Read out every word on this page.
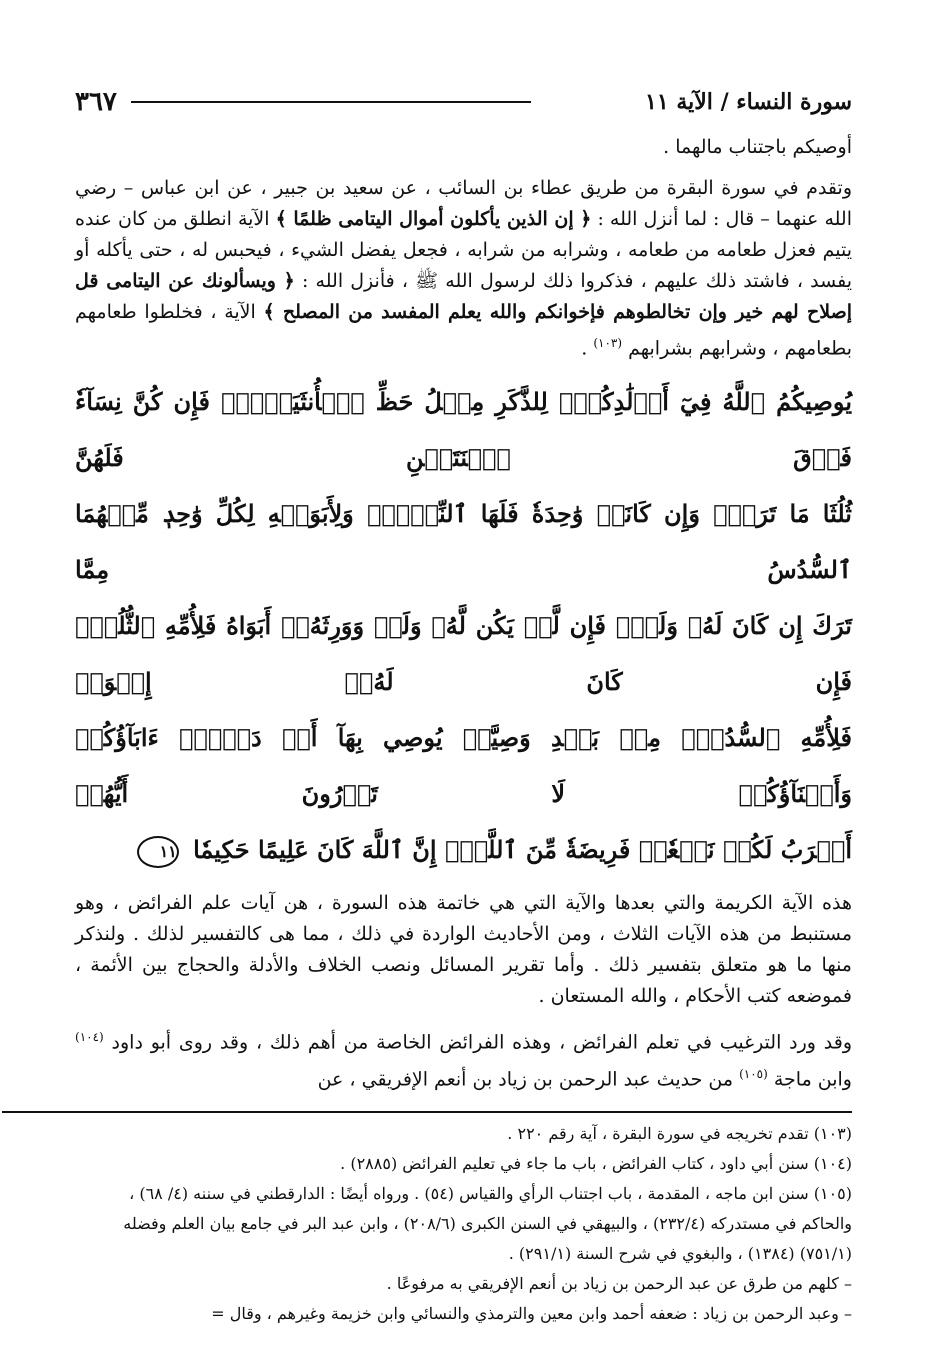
سورة النساء / الآية ١١
٣٦٧

أوصيكم باجتناب مالهما .

وتقدم في سورة البقرة من طريق عطاء بن السائب ، عن سعيد بن جبير ، عن ابن عباس – رضي الله عنهما – قال : لما أنزل الله : ﴿ إن الذين يأكلون أموال اليتامى ظلمًا ﴾ الآية انطلق من كان عنده يتيم فعزل طعامه من طعامه ، وشرابه من شرابه ، فجعل يفضل الشيء ، فيحبس له ، حتى يأكله أو يفسد ، فاشتد ذلك عليهم ، فذكروا ذلك لرسول الله ﷺ ، فأنزل الله : ﴿ ويسألونك عن اليتامى قل إصلاح لهم خير وإن تخالطوهم فإخوانكم والله يعلم المفسد من المصلح ﴾ الآية ، فخلطوا طعامهم بطعامهم ، وشرابهم بشرابهم $^{(١٠٣)}$ .

يُوصِيكُمُ ٱللَّهُ فِيٓ أَوۡلَٰدِكُمۡۖ لِلذَّكَرِ مِثۡلُ حَظِّ ٱلۡأُنثَيَيۡنِۚ فَإِن كُنَّ نِسَآءٗ فَوۡقَ ٱثۡنَتَيۡنِ فَلَهُنَّ
ثُلُثَا مَا تَرَكَۖ وَإِن كَانَتۡ وَٰحِدَةٗ فَلَهَا ٱلنِّصۡفُۚ وَلِأَبَوَيۡهِ لِكُلِّ وَٰحِدٖ مِّنۡهُمَا ٱلسُّدُسُ مِمَّا
تَرَكَ إِن كَانَ لَهُۥ وَلَدٞۚ فَإِن لَّمۡ يَكُن لَّهُۥ وَلَدٞ وَوَرِثَهُۥٓ أَبَوَاهُ فَلِأُمِّهِ ٱلثُّلُثُۚ فَإِن كَانَ لَهُۥٓ إِخۡوَةٞ
فَلِأُمِّهِ ٱلسُّدُسُۚ مِنۢ بَعۡدِ وَصِيَّةٖ يُوصِي بِهَآ أَوۡ دَيۡنٍۗ ءَابَآؤُكُمۡ وَأَبۡنَآؤُكُمۡ لَا تَدۡرُونَ أَيُّهُمۡ
أَقۡرَبُ لَكُمۡ نَفۡعٗاۚ فَرِيضَةٗ مِّنَ ٱللَّهِۗ إِنَّ ٱللَّهَ كَانَ عَلِيمًا حَكِيمٗا ١١

هذه الآية الكريمة والتي بعدها والآية التي هي خاتمة هذه السورة ، هن آيات علم الفرائض ، وهو مستنبط من هذه الآيات الثلاث ، ومن الأحاديث الواردة في ذلك ، مما هى كالتفسير لذلك . ولنذكر منها ما هو متعلق بتفسير ذلك . وأما تقرير المسائل ونصب الخلاف والأدلة والحجاج بين الأئمة ، فموضعه كتب الأحكام ، والله المستعان .

وقد ورد الترغيب في تعلم الفرائض ، وهذه الفرائض الخاصة من أهم ذلك ، وقد روى أبو داود $^{(١٠٤)}$ وابن ماجة $^{(١٠٥)}$ من حديث عبد الرحمن بن زياد بن أنعم الإفريقي ، عن

(١٠٣) تقدم تخريجه في سورة البقرة ، آية رقم ٢٢٠ .
(١٠٤) سنن أبي داود ، كتاب الفرائض ، باب ما جاء في تعليم الفرائض (٢٨٨٥) .
(١٠٥) سنن ابن ماجه ، المقدمة ، باب اجتناب الرأي والقياس (٥٤) . ورواه أيضًا : الدارقطني في سننه (٤/ ٦٨) ، والحاكم في مستدركه (٢٣٢/٤) ، والبيهقي في السنن الكبرى (٢٠٨/٦) ، وابن عبد البر في جامع بيان العلم وفضله (٧٥١/١) (١٣٨٤) ، والبغوي في شرح السنة (٢٩١/١) .
– كلهم من طرق عن عبد الرحمن بن زياد بن أنعم الإفريقي به مرفوعًا .
– وعبد الرحمن بن زياد : ضعفه أحمد وابن معين والترمذي والنسائي وابن خزيمة وغيرهم ، وقال =
